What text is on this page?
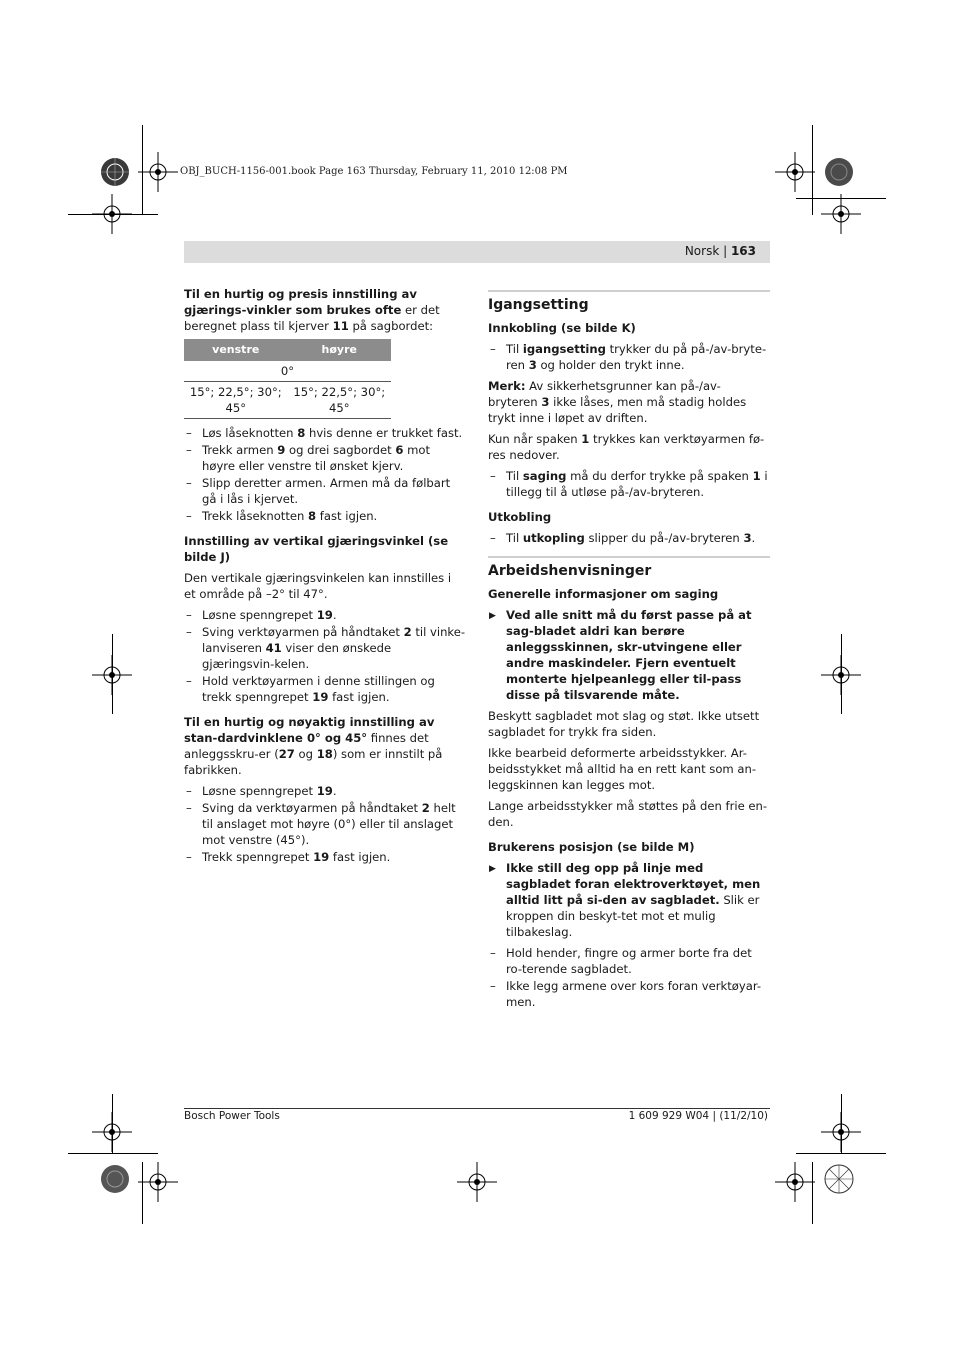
OBJ_BUCH-1156-001.book Page 163 Thursday, February 11, 2010 12:08 PM
Norsk | 163

Til en hurtig og presis innstilling av gjærings-vinkler som brukes ofte er det beregnet plass til kjerver 11 på sagbordet:

venstre	høyre
0°	
15°; 22,5°; 30°; 45°	15°; 22,5°; 30°; 45°
– Løs låseknotten 8 hvis denne er trukket fast.
– Trekk armen 9 og drei sagbordet 6 mot høyre eller venstre til ønsket kjerv.
– Slipp deretter armen. Armen må da følbart gå i lås i kjervet.
– Trekk låseknotten 8 fast igjen.
Innstilling av vertikal gjæringsvinkel (se bilde J)

Den vertikale gjæringsvinkelen kan innstilles i et område på –2° til 47°.

– Løsne spenngrepet 19.
– Sving verktøyarmen på håndtaket 2 til vinke-lanviseren 41 viser den ønskede gjæringsvin-kelen.
– Hold verktøyarmen i denne stillingen og trekk spenngrepet 19 fast igjen.

Til en hurtig og nøyaktig innstilling av stan-dardvinklene 0° og 45° finnes det anleggsskru-er (27 og 18) som er innstilt på fabrikken.

– Løsne spenngrepet 19.
– Sving da verktøyarmen på håndtaket 2 helt til anslaget mot høyre (0°) eller til anslaget mot venstre (45°).
– Trekk spenngrepet 19 fast igjen.
Igangsetting
Innkobling (se bilde K)
– Til igangsetting trykker du på på-/av-bryte-ren 3 og holder den trykt inne.

Merk: Av sikkerhetsgrunner kan på-/av-bryteren 3 ikke låses, men må stadig holdes trykt inne i løpet av driften.

Kun når spaken 1 trykkes kan verktøyarmen fø-res nedover.

– Til saging må du derfor trykke på spaken 1 i tillegg til å utløse på-/av-bryteren.
Utkobling
– Til utkopling slipper du på-/av-bryteren 3.
Arbeidshenvisninger
Generelle informasjoner om saging
▶ Ved alle snitt må du først passe på at sag-bladet aldri kan berøre anleggsskinnen, skr-utvingene eller andre maskindeler. Fjern eventuelt monterte hjelpeanlegg eller til-pass disse på tilsvarende måte.

Beskytt sagbladet mot slag og støt. Ikke utsett sagbladet for trykk fra siden.

Ikke bearbeid deformerte arbeidsstykker. Ar-beidsstykket må alltid ha en rett kant som an-leggskinnen kan legges mot.

Lange arbeidsstykker må støttes på den frie en-den.

Brukerens posisjon (se bilde M)
▶ Ikke still deg opp på linje med sagbladet foran elektroverktøyet, men alltid litt på si-den av sagbladet. Slik er kroppen din beskyt-tet mot et mulig tilbakeslag.
– Hold hender, fingre og armer borte fra det ro-terende sagbladet.
– Ikke legg armene over kors foran verktøyar-men.
Bosch Power Tools	1 609 929 W04 | (11/2/10)
